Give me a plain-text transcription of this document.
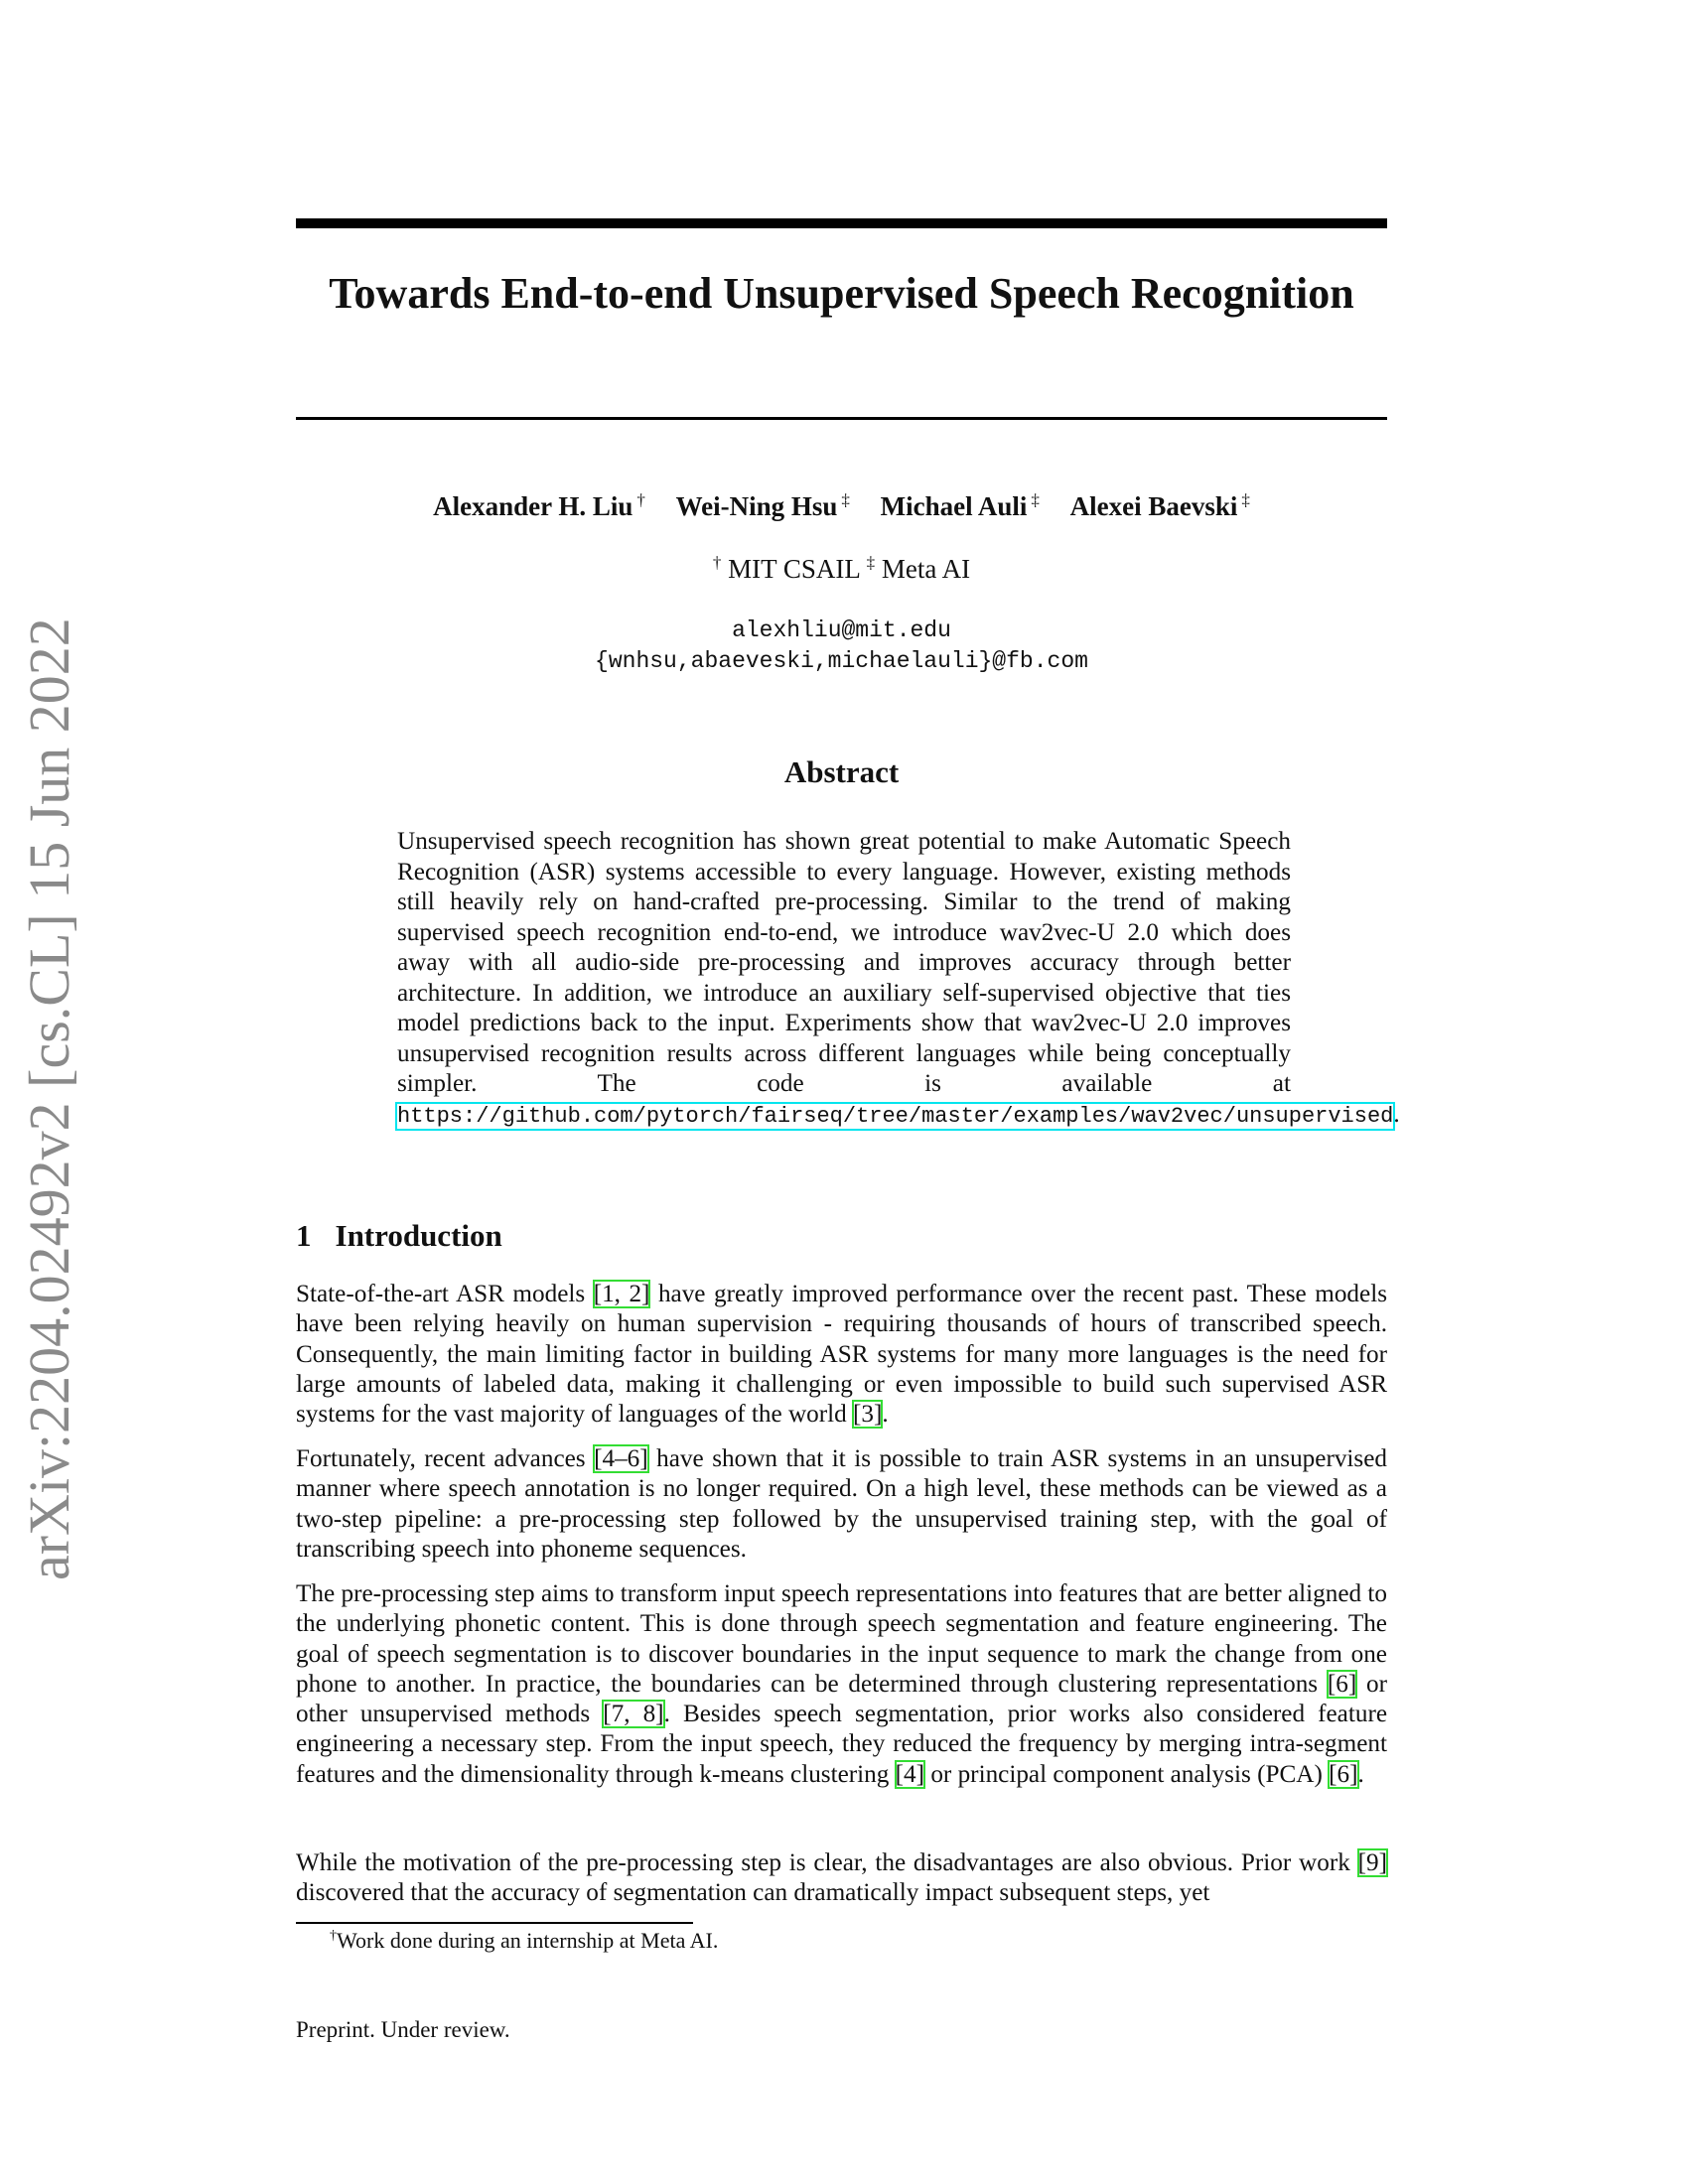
arXiv:2204.02492v2 [cs.CL] 15 Jun 2022
Towards End-to-end Unsupervised Speech Recognition
Alexander H. Liu † Wei-Ning Hsu ‡ Michael Auli ‡ Alexei Baevski ‡
† MIT CSAIL ‡ Meta AI
alexhliu@mit.edu
{wnhsu,abaeveski,michaelauli}@fb.com
Abstract
Unsupervised speech recognition has shown great potential to make Automatic Speech Recognition (ASR) systems accessible to every language. However, existing methods still heavily rely on hand-crafted pre-processing. Similar to the trend of making supervised speech recognition end-to-end, we introduce wav2vec-U 2.0 which does away with all audio-side pre-processing and improves accuracy through better architecture. In addition, we introduce an auxiliary self-supervised objective that ties model predictions back to the input. Experiments show that wav2vec-U 2.0 improves unsupervised recognition results across different languages while being conceptually simpler. The code is available at https://github.com/pytorch/fairseq/tree/master/examples/wav2vec/unsupervised.
1 Introduction
State-of-the-art ASR models [1, 2] have greatly improved performance over the recent past. These models have been relying heavily on human supervision - requiring thousands of hours of transcribed speech. Consequently, the main limiting factor in building ASR systems for many more languages is the need for large amounts of labeled data, making it challenging or even impossible to build such supervised ASR systems for the vast majority of languages of the world [3].
Fortunately, recent advances [4–6] have shown that it is possible to train ASR systems in an unsupervised manner where speech annotation is no longer required. On a high level, these methods can be viewed as a two-step pipeline: a pre-processing step followed by the unsupervised training step, with the goal of transcribing speech into phoneme sequences.
The pre-processing step aims to transform input speech representations into features that are better aligned to the underlying phonetic content. This is done through speech segmentation and feature engineering. The goal of speech segmentation is to discover boundaries in the input sequence to mark the change from one phone to another. In practice, the boundaries can be determined through clustering representations [6] or other unsupervised methods [7, 8]. Besides speech segmentation, prior works also considered feature engineering a necessary step. From the input speech, they reduced the frequency by merging intra-segment features and the dimensionality through k-means clustering [4] or principal component analysis (PCA) [6].
While the motivation of the pre-processing step is clear, the disadvantages are also obvious. Prior work [9] discovered that the accuracy of segmentation can dramatically impact subsequent steps, yet
†Work done during an internship at Meta AI.
Preprint. Under review.
